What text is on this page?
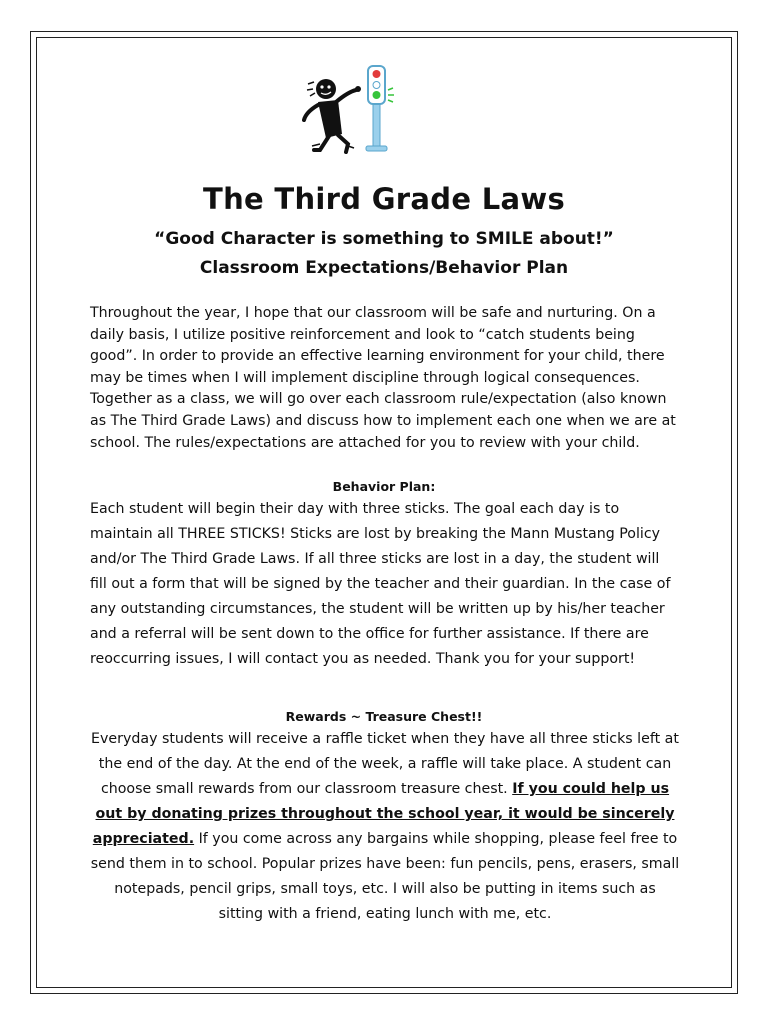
The Third Grade Laws
“Good Character is something to SMILE about!”
Classroom Expectations/Behavior Plan

Throughout the year, I hope that our classroom will be safe and nurturing. On a daily basis, I utilize positive reinforcement and look to “catch students being good”. In order to provide an effective learning environment for your child, there may be times when I will implement discipline through logical consequences. Together as a class, we will go over each classroom rule/expectation (also known as The Third Grade Laws) and discuss how to implement each one when we are at school. The rules/expectations are attached for you to review with your child.

Behavior Plan:

Each student will begin their day with three sticks. The goal each day is to maintain all THREE STICKS! Sticks are lost by breaking the Mann Mustang Policy and/or The Third Grade Laws. If all three sticks are lost in a day, the student will fill out a form that will be signed by the teacher and their guardian. In the case of any outstanding circumstances, the student will be written up by his/her teacher and a referral will be sent down to the office for further assistance. If there are reoccurring issues, I will contact you as needed. Thank you for your support!

Rewards ~ Treasure Chest!!

Everyday students will receive a raffle ticket when they have all three sticks left at the end of the day. At the end of the week, a raffle will take place. A student can choose small rewards from our classroom treasure chest. If you could help us out by donating prizes throughout the school year, it would be sincerely appreciated. If you come across any bargains while shopping, please feel free to send them in to school. Popular prizes have been: fun pencils, pens, erasers, small notepads, pencil grips, small toys, etc. I will also be putting in items such as sitting with a friend, eating lunch with me, etc.
